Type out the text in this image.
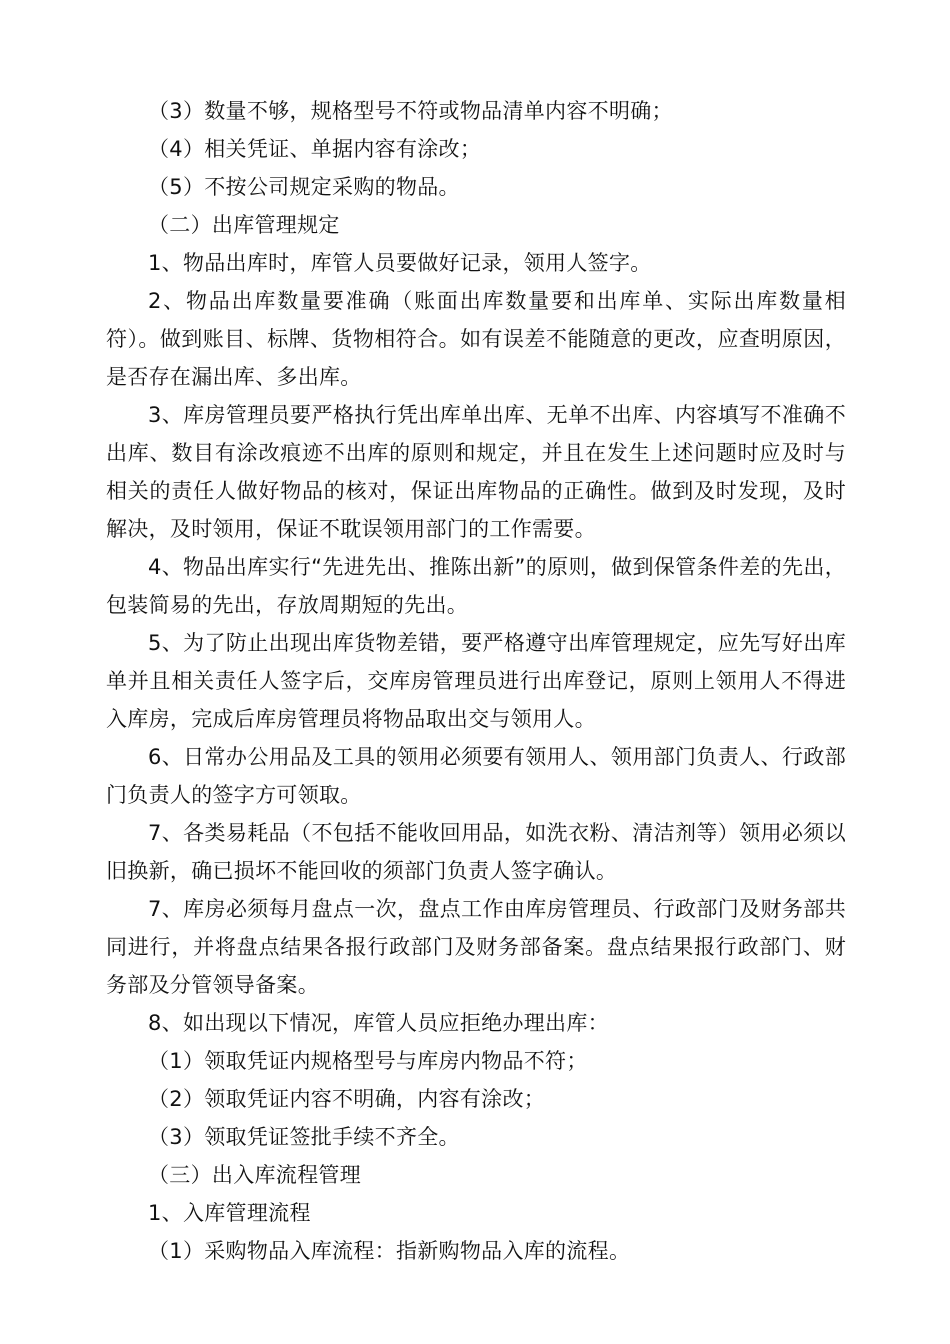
（3）数量不够，规格型号不符或物品清单内容不明确；

（4）相关凭证、单据内容有涂改；

（5）不按公司规定采购的物品。

（二）出库管理规定

1、物品出库时，库管人员要做好记录，领用人签字。

2、物品出库数量要准确（账面出库数量要和出库单、实际出库数量相符）。做到账目、标牌、货物相符合。如有误差不能随意的更改，应查明原因，是否存在漏出库、多出库。

3、库房管理员要严格执行凭出库单出库、无单不出库、内容填写不准确不出库、数目有涂改痕迹不出库的原则和规定，并且在发生上述问题时应及时与相关的责任人做好物品的核对，保证出库物品的正确性。做到及时发现，及时解决，及时领用，保证不耽误领用部门的工作需要。

4、物品出库实行“先进先出、推陈出新”的原则，做到保管条件差的先出，包装简易的先出，存放周期短的先出。

5、为了防止出现出库货物差错，要严格遵守出库管理规定，应先写好出库单并且相关责任人签字后，交库房管理员进行出库登记，原则上领用人不得进入库房，完成后库房管理员将物品取出交与领用人。

6、日常办公用品及工具的领用必须要有领用人、领用部门负责人、行政部门负责人的签字方可领取。

7、各类易耗品（不包括不能收回用品，如洗衣粉、清洁剂等）领用必须以旧换新，确已损坏不能回收的须部门负责人签字确认。

7、库房必须每月盘点一次，盘点工作由库房管理员、行政部门及财务部共同进行，并将盘点结果各报行政部门及财务部备案。盘点结果报行政部门、财务部及分管领导备案。

8、如出现以下情况，库管人员应拒绝办理出库：

（1）领取凭证内规格型号与库房内物品不符；

（2）领取凭证内容不明确，内容有涂改；

（3）领取凭证签批手续不齐全。

（三）出入库流程管理

1、入库管理流程

（1）采购物品入库流程：指新购物品入库的流程。
